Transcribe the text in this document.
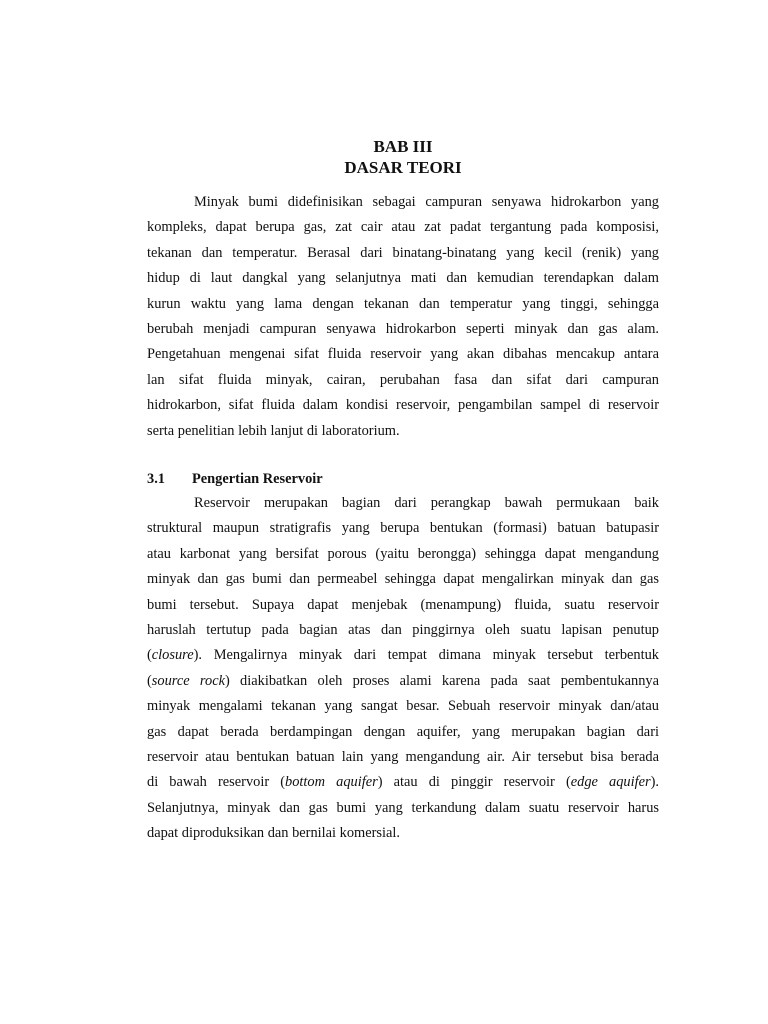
BAB III
DASAR TEORI
Minyak bumi didefinisikan sebagai campuran senyawa hidrokarbon yang
kompleks, dapat berupa gas, zat cair atau zat padat tergantung pada komposisi,
tekanan dan temperatur. Berasal dari binatang-binatang yang kecil (renik) yang
hidup di laut dangkal yang selanjutnya mati dan kemudian terendapkan dalam
kurun waktu yang lama dengan tekanan dan temperatur yang tinggi, sehingga
berubah menjadi campuran senyawa hidrokarbon seperti minyak dan gas alam.
Pengetahuan mengenai sifat fluida reservoir yang akan dibahas mencakup antara
lan sifat fluida minyak, cairan, perubahan fasa dan sifat dari campuran
hidrokarbon, sifat fluida dalam kondisi reservoir, pengambilan sampel di reservoir
serta penelitian lebih lanjut di laboratorium.
3.1 Pengertian Reservoir
Reservoir merupakan bagian dari perangkap bawah permukaan baik
struktural maupun stratigrafis yang berupa bentukan (formasi) batuan batupasir
atau karbonat yang bersifat porous (yaitu berongga) sehingga dapat mengandung
minyak dan gas bumi dan permeabel sehingga dapat mengalirkan minyak dan gas
bumi tersebut. Supaya dapat menjebak (menampung) fluida, suatu reservoir
haruslah tertutup pada bagian atas dan pinggirnya oleh suatu lapisan penutup
(closure). Mengalirnya minyak dari tempat dimana minyak tersebut terbentuk
(source rock) diakibatkan oleh proses alami karena pada saat pembentukannya
minyak mengalami tekanan yang sangat besar. Sebuah reservoir minyak dan/atau
gas dapat berada berdampingan dengan aquifer, yang merupakan bagian dari
reservoir atau bentukan batuan lain yang mengandung air. Air tersebut bisa berada
di bawah reservoir (bottom aquifer) atau di pinggir reservoir (edge aquifer).
Selanjutnya, minyak dan gas bumi yang terkandung dalam suatu reservoir harus
dapat diproduksikan dan bernilai komersial.
